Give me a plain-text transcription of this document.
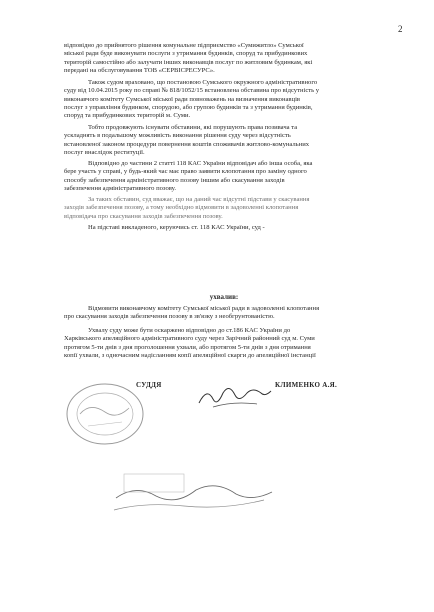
2
відповідно до прийнятого рішення комунальне підприємство «Сумижитло» Сумської
міської ради буде виконувати послуги з утримання будинків, споруд та прибудинкових
територій самостійно або залучати інших виконавців послуг по житловим будинкам, які
передані на обслуговування ТОВ «СЕРВІСРЕСУРС».
Також судом враховано, що постановою Сумського окружного адміністративного
суду від 10.04.2015 року по справі № 818/1052/15 встановлена обставина про відсутність у
виконавчого комітету Сумської міської ради повноважень на визначення виконавців
послуг з управління будинком, спорудою, або групою будинків та з утримання будинків,
споруд та прибудинкових територій м. Суми.
Тобто продовжують існувати обставини, які порушують права позивача та
ускладнять в подальшому можливість виконання рішення суду через відсутність
встановленої законом процедури повернення коштів споживачів житлово-комунальних
послуг внаслідок реституції.
Відповідно до частини 2 статті 118 КАС України відповідач або інша особа, яка
бере участь у справі, у будь-який час має право заявити клопотання про заміну одного
способу забезпечення адміністративного позову іншим або скасування заходів
забезпечення адміністративного позову.
За таких обставин, суд вважає, що на даний час відсутні підстави у скасування
заходів забезпечення позову, а тому необхідно відмовити в задоволенні клопотання
відповідача про скасування заходів забезпечення позову.
На підставі викладеного, керуючись ст. 118 КАС України, суд -
Відмовити виконавчому комітету Сумської міської ради в задоволенні клопотання
про скасування заходів забезпечення позову в зв'язку з необгрунтованістю.
Ухвалу суду може бути оскаржено відповідно до ст.186 КАС України до
Харківського апеляційного адміністративного суду через Зарічний районний суд м. Суми
протягом 5-ти днів з дня проголошення ухвали, або протягом 5-ти днів з дня отримання
копії ухвали, з одночасним надісланням копії апеляційної скарги до апеляційної інстанції
ухвалив:
СУДДЯ	КЛИМЕНКО А.Я.
